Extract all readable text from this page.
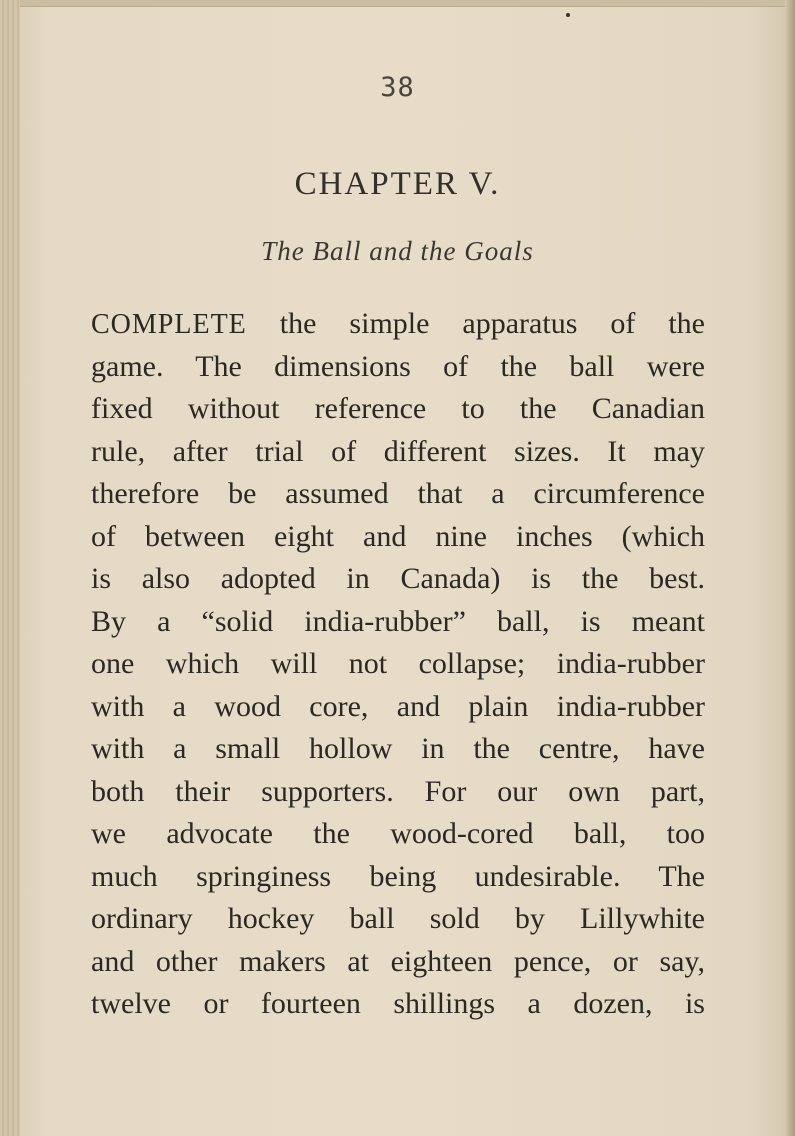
38
CHAPTER V.
The Ball and the Goals
COMPLETE the simple apparatus of the
game. The dimensions of the ball were
fixed without reference to the Canadian
rule, after trial of different sizes. It may
therefore be assumed that a circumference
of between eight and nine inches (which
is also adopted in Canada) is the best.
By a “solid india-rubber” ball, is meant
one which will not collapse; india-rubber
with a wood core, and plain india-rubber
with a small hollow in the centre, have
both their supporters. For our own part,
we advocate the wood-cored ball, too
much springiness being undesirable. The
ordinary hockey ball sold by Lillywhite
and other makers at eighteen pence, or say,
twelve or fourteen shillings a dozen, is
